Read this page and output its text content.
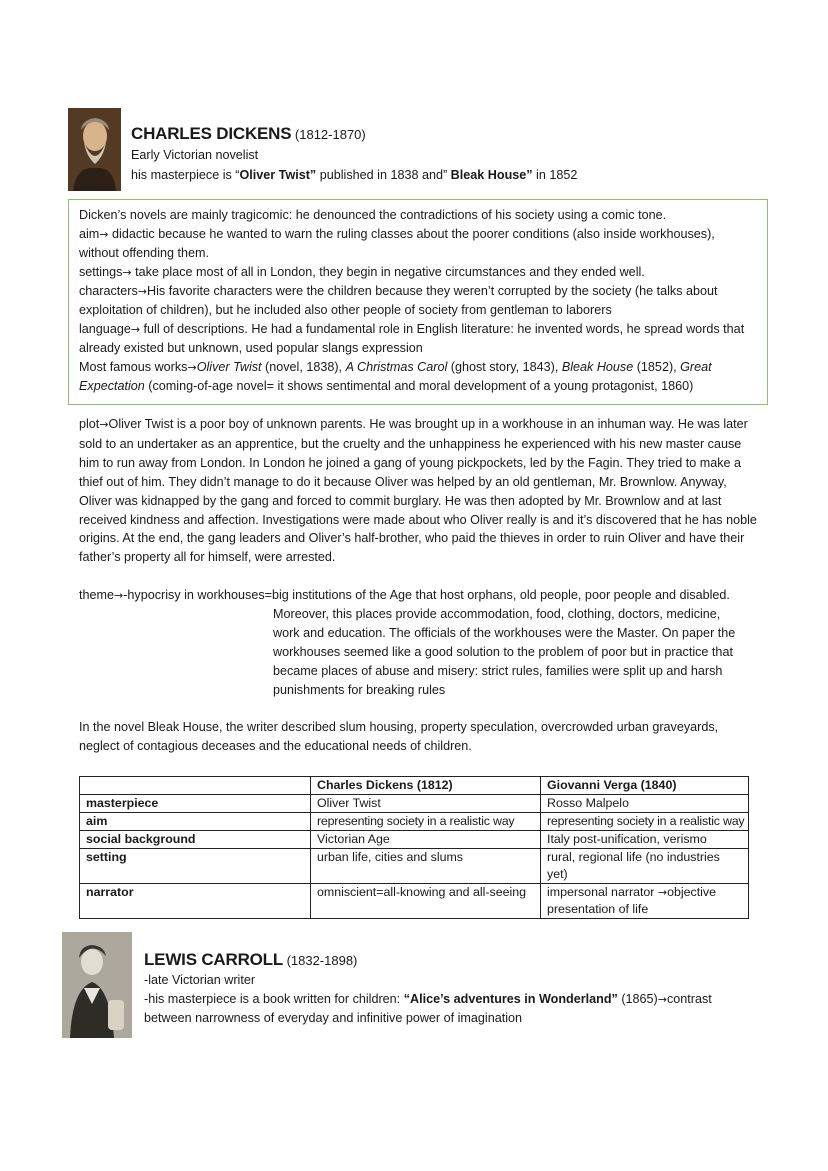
CHARLES DICKENS (1812-1870)
Early Victorian novelist
his masterpiece is “Oliver Twist” published in 1838 and” Bleak House” in 1852
Dicken’s novels are mainly tragicomic: he denounced the contradictions of his society using a comic tone.
aim→ didactic because he wanted to warn the ruling classes about the poorer conditions (also inside workhouses), without offending them.
settings→ take place most of all in London, they begin in negative circumstances and they ended well.
characters→His favorite characters were the children because they weren’t corrupted by the society (he talks about exploitation of children), but he included also other people of society from gentleman to laborers
language→ full of descriptions. He had a fundamental role in English literature: he invented words, he spread words that already existed but unknown, used popular slangs expression
Most famous works→Oliver Twist (novel, 1838), A Christmas Carol (ghost story, 1843), Bleak House (1852), Great Expectation (coming-of-age novel= it shows sentimental and moral development of a young protagonist, 1860)
plot→Oliver Twist is a poor boy of unknown parents. He was brought up in a workhouse in an inhuman way. He was later sold to an undertaker as an apprentice, but the cruelty and the unhappiness he experienced with his new master cause him to run away from London. In London he joined a gang of young pickpockets, led by the Fagin. They tried to make a thief out of him. They didn’t manage to do it because Oliver was helped by an old gentleman, Mr. Brownlow. Anyway, Oliver was kidnapped by the gang and forced to commit burglary. He was then adopted by Mr. Brownlow and at last received kindness and affection. Investigations were made about who Oliver really is and it’s discovered that he has noble origins. At the end, the gang leaders and Oliver’s half-brother, who paid the thieves in order to ruin Oliver and have their father’s property all for himself, were arrested.
theme→-hypocrisy in workhouses=big institutions of the Age that host orphans, old people, poor people and disabled.
Moreover, this places provide accommodation, food, clothing, doctors, medicine, work and education. The officials of the workhouses were the Master. On paper the workhouses seemed like a good solution to the problem of poor but in practice that became places of abuse and misery: strict rules, families were split up and harsh punishments for breaking rules
In the novel Bleak House, the writer described slum housing, property speculation, overcrowded urban graveyards, neglect of contagious deceases and the educational needs of children.
	Charles Dickens (1812)	Giovanni Verga (1840)
masterpiece	Oliver Twist	Rosso Malpelo
aim	representing society in a realistic way	representing society in a realistic way
social background	Victorian Age	Italy post-unification, verismo
setting	urban life, cities and slums	rural, regional life (no industries yet)
narrator	omniscient=all-knowing and all-seeing	impersonal narrator →objective presentation of life
LEWIS CARROLL (1832-1898)
-late Victorian writer
-his masterpiece is a book written for children: “Alice’s adventures in Wonderland” (1865)→contrast between narrowness of everyday and infinitive power of imagination
